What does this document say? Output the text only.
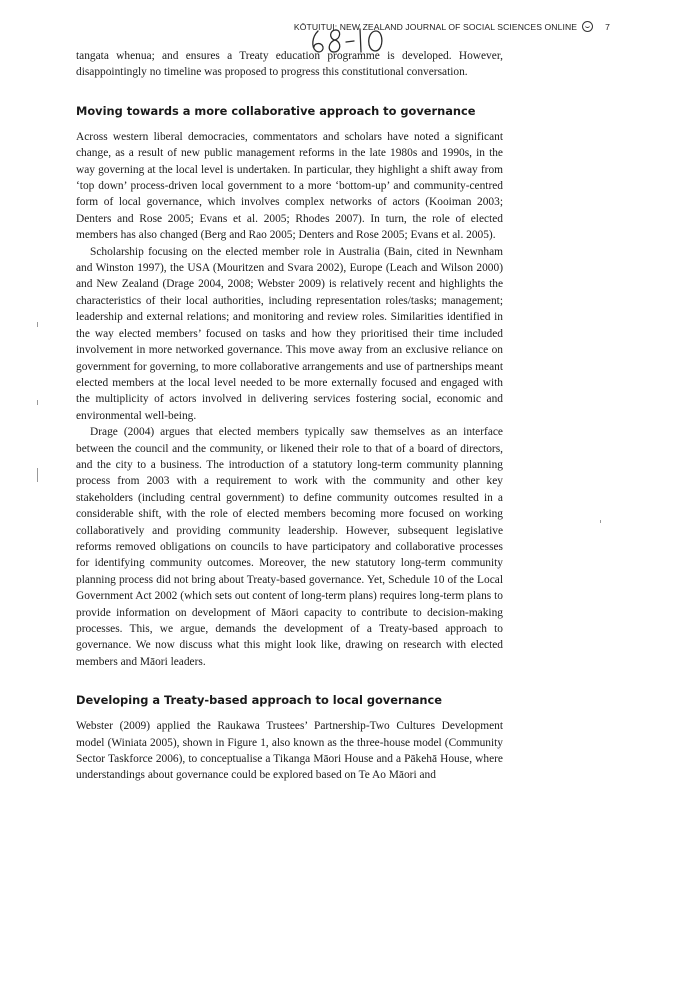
KŌTUITUI: NEW ZEALAND JOURNAL OF SOCIAL SCIENCES ONLINE	7

tangata whenua; and ensures a Treaty education programme is developed. However, disappointingly no timeline was proposed to progress this constitutional conversation.

Moving towards a more collaborative approach to governance

Across western liberal democracies, commentators and scholars have noted a significant change, as a result of new public management reforms in the late 1980s and 1990s, in the way governing at the local level is undertaken. In particular, they highlight a shift away from ‘top down’ process-driven local government to a more ‘bottom-up’ and community-centred form of local governance, which involves complex networks of actors (Kooiman 2003; Denters and Rose 2005; Evans et al. 2005; Rhodes 2007). In turn, the role of elected members has also changed (Berg and Rao 2005; Denters and Rose 2005; Evans et al. 2005).

Scholarship focusing on the elected member role in Australia (Bain, cited in Newnham and Winston 1997), the USA (Mouritzen and Svara 2002), Europe (Leach and Wilson 2000) and New Zealand (Drage 2004, 2008; Webster 2009) is relatively recent and highlights the characteristics of their local authorities, including representation roles/tasks; management; leadership and external relations; and monitoring and review roles. Similarities identified in the way elected members’ focused on tasks and how they prioritised their time included involvement in more networked governance. This move away from an exclusive reliance on government for governing, to more collaborative arrangements and use of partnerships meant elected members at the local level needed to be more externally focused and engaged with the multiplicity of actors involved in delivering services fostering social, economic and environmental well-being.

Drage (2004) argues that elected members typically saw themselves as an interface between the council and the community, or likened their role to that of a board of directors, and the city to a business. The introduction of a statutory long-term community planning process from 2003 with a requirement to work with the community and other key stakeholders (including central government) to define community outcomes resulted in a considerable shift, with the role of elected members becoming more focused on working collaboratively and providing community leadership. However, subsequent legislative reforms removed obligations on councils to have participatory and collaborative processes for identifying community outcomes. Moreover, the new statutory long-term community planning process did not bring about Treaty-based governance. Yet, Schedule 10 of the Local Government Act 2002 (which sets out content of long-term plans) requires long-term plans to provide information on development of Māori capacity to contribute to decision-making processes. This, we argue, demands the development of a Treaty-based approach to governance. We now discuss what this might look like, drawing on research with elected members and Māori leaders.

Developing a Treaty-based approach to local governance

Webster (2009) applied the Raukawa Trustees’ Partnership-Two Cultures Development model (Winiata 2005), shown in Figure 1, also known as the three-house model (Community Sector Taskforce 2006), to conceptualise a Tikanga Māori House and a Pākehā House, where understandings about governance could be explored based on Te Ao Māori and
